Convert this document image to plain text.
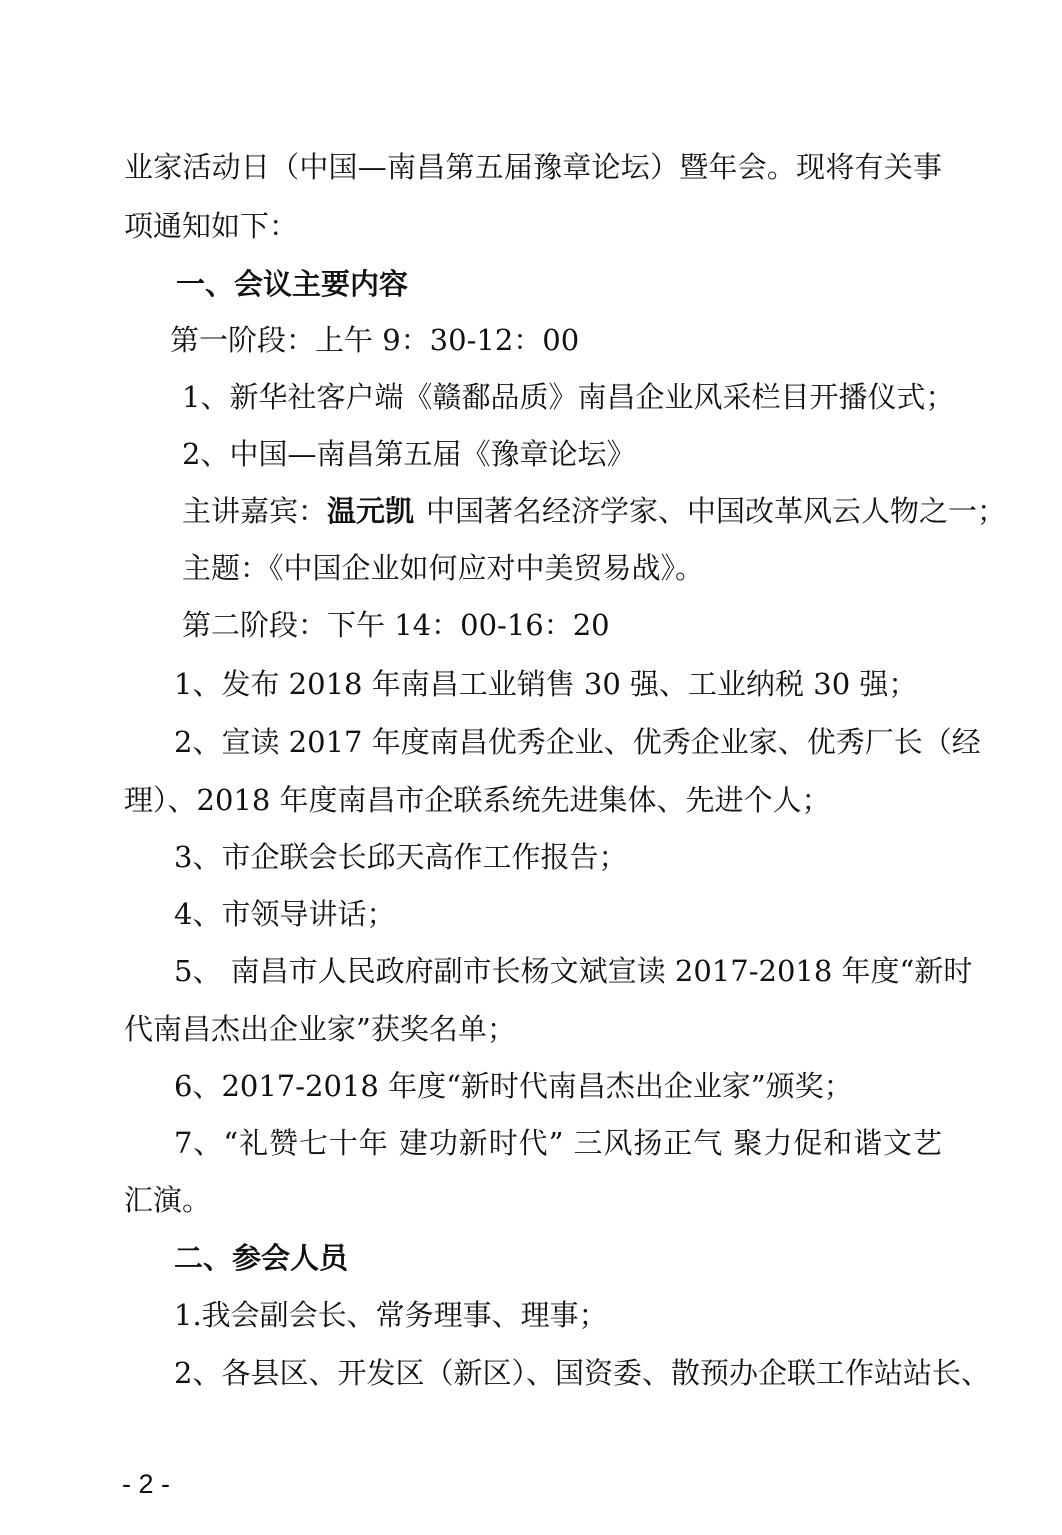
业家活动日（中国—南昌第五届豫章论坛）暨年会。现将有关事
项通知如下：
一、会议主要内容
第一阶段：上午 9：30-12：00
1、新华社客户端《赣鄱品质》南昌企业风采栏目开播仪式；
2、中国—南昌第五届《豫章论坛》
主讲嘉宾：温元凯 中国著名经济学家、中国改革风云人物之一；
主题：《中国企业如何应对中美贸易战》。
第二阶段：下午 14：00-16：20
1、发布 2018 年南昌工业销售 30 强、工业纳税 30 强；
2、宣读 2017 年度南昌优秀企业、优秀企业家、优秀厂长（经
理）、2018 年度南昌市企联系统先进集体、先进个人；
3、市企联会长邱天高作工作报告；
4、市领导讲话；
5、 南昌市人民政府副市长杨文斌宣读 2017-2018 年度“新时
代南昌杰出企业家”获奖名单；
6、2017-2018 年度“新时代南昌杰出企业家”颁奖；
7、“礼赞七十年 建功新时代” 三风扬正气 聚力促和谐文艺
汇演。
二、参会人员
1.我会副会长、常务理事、理事；
2、各县区、开发区（新区）、国资委、散预办企联工作站站长、
- 2 -
